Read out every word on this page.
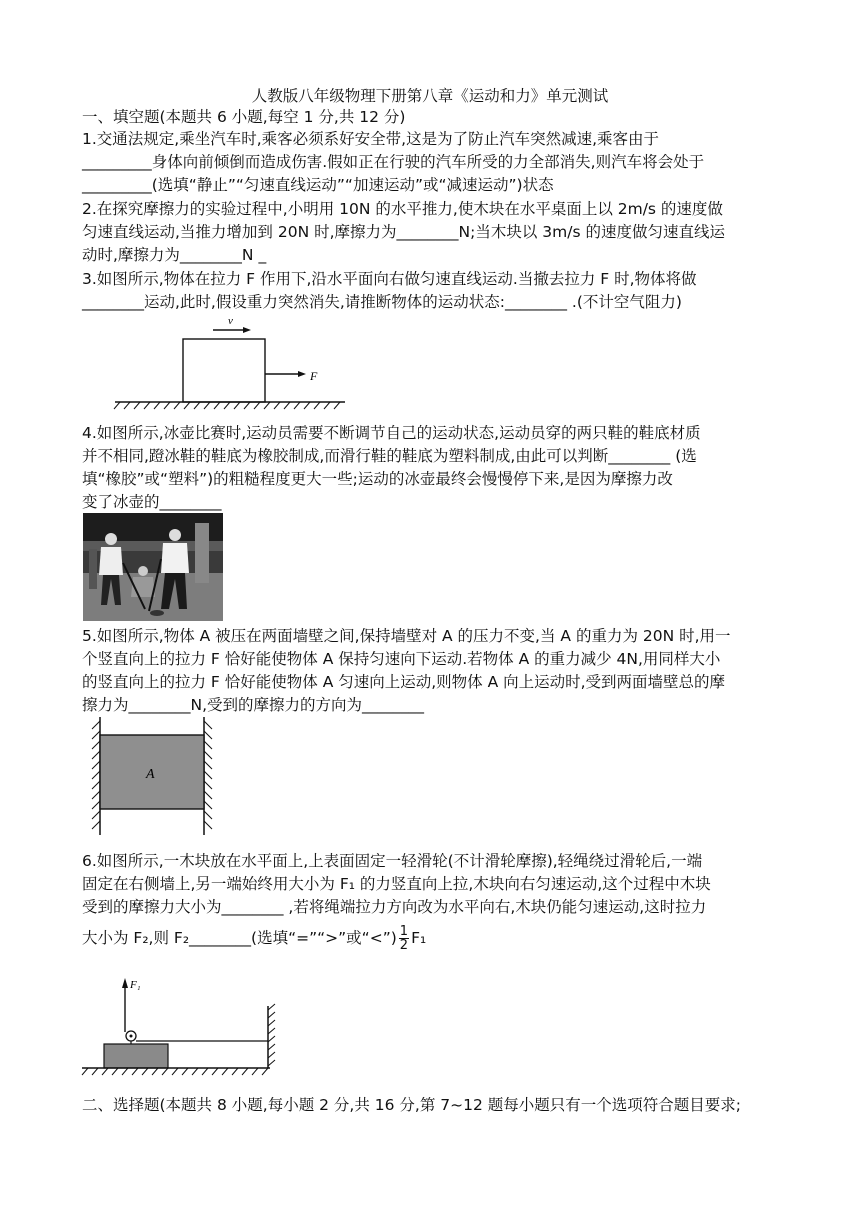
人教版八年级物理下册第八章《运动和力》单元测试
一、填空题(本题共 6 小题,每空 1 分,共 12 分)
1.交通法规定,乘坐汽车时,乘客必须系好安全带,这是为了防止汽车突然减速,乘客由于
_________身体向前倾倒而造成伤害.假如正在行驶的汽车所受的力全部消失,则汽车将会处于
_________(选填“静止”“匀速直线运动”“加速运动”或“减速运动”)状态
2.在探究摩擦力的实验过程中,小明用 10N 的水平推力,使木块在水平桌面上以 2m/s 的速度做
匀速直线运动,当推力增加到 20N 时,摩擦力为________N;当木块以 3m/s 的速度做匀速直线运
动时,摩擦力为________N _
3.如图所示,物体在拉力 F 作用下,沿水平面向右做匀速直线运动.当撤去拉力 F 时,物体将做
________运动,此时,假设重力突然消失,请推断物体的运动状态:________ .(不计空气阻力)
v
F
4.如图所示,冰壶比赛时,运动员需要不断调节自己的运动状态,运动员穿的两只鞋的鞋底材质
并不相同,蹬冰鞋的鞋底为橡胶制成,而滑行鞋的鞋底为塑料制成,由此可以判断________ (选
填“橡胶”或“塑料”)的粗糙程度更大一些;运动的冰壶最终会慢慢停下来,是因为摩擦力改
变了冰壶的________
5.如图所示,物体 A 被压在两面墙壁之间,保持墙壁对 A 的压力不变,当 A 的重力为 20N 时,用一
个竖直向上的拉力 F 恰好能使物体 A 保持匀速向下运动.若物体 A 的重力减少 4N,用同样大小
的竖直向上的拉力 F 恰好能使物体 A 匀速向上运动,则物体 A 向上运动时,受到两面墙壁总的摩
擦力为________N,受到的摩擦力的方向为________
A
6.如图所示,一木块放在水平面上,上表面固定一轻滑轮(不计滑轮摩擦),轻绳绕过滑轮后,一端
固定在右侧墙上,另一端始终用大小为 F₁ 的力竖直向上拉,木块向右匀速运动,这个过程中木块
受到的摩擦力大小为________ ,若将绳端拉力方向改为水平向右,木块仍能匀速运动,这时拉力
大小为 F₂,则 F₂________(选填“=”“>”或“<”) $\frac{1}{2} F_1$
F₁
二、选择题(本题共 8 小题,每小题 2 分,共 16 分,第 7~12 题每小题只有一个选项符合题目要求;
